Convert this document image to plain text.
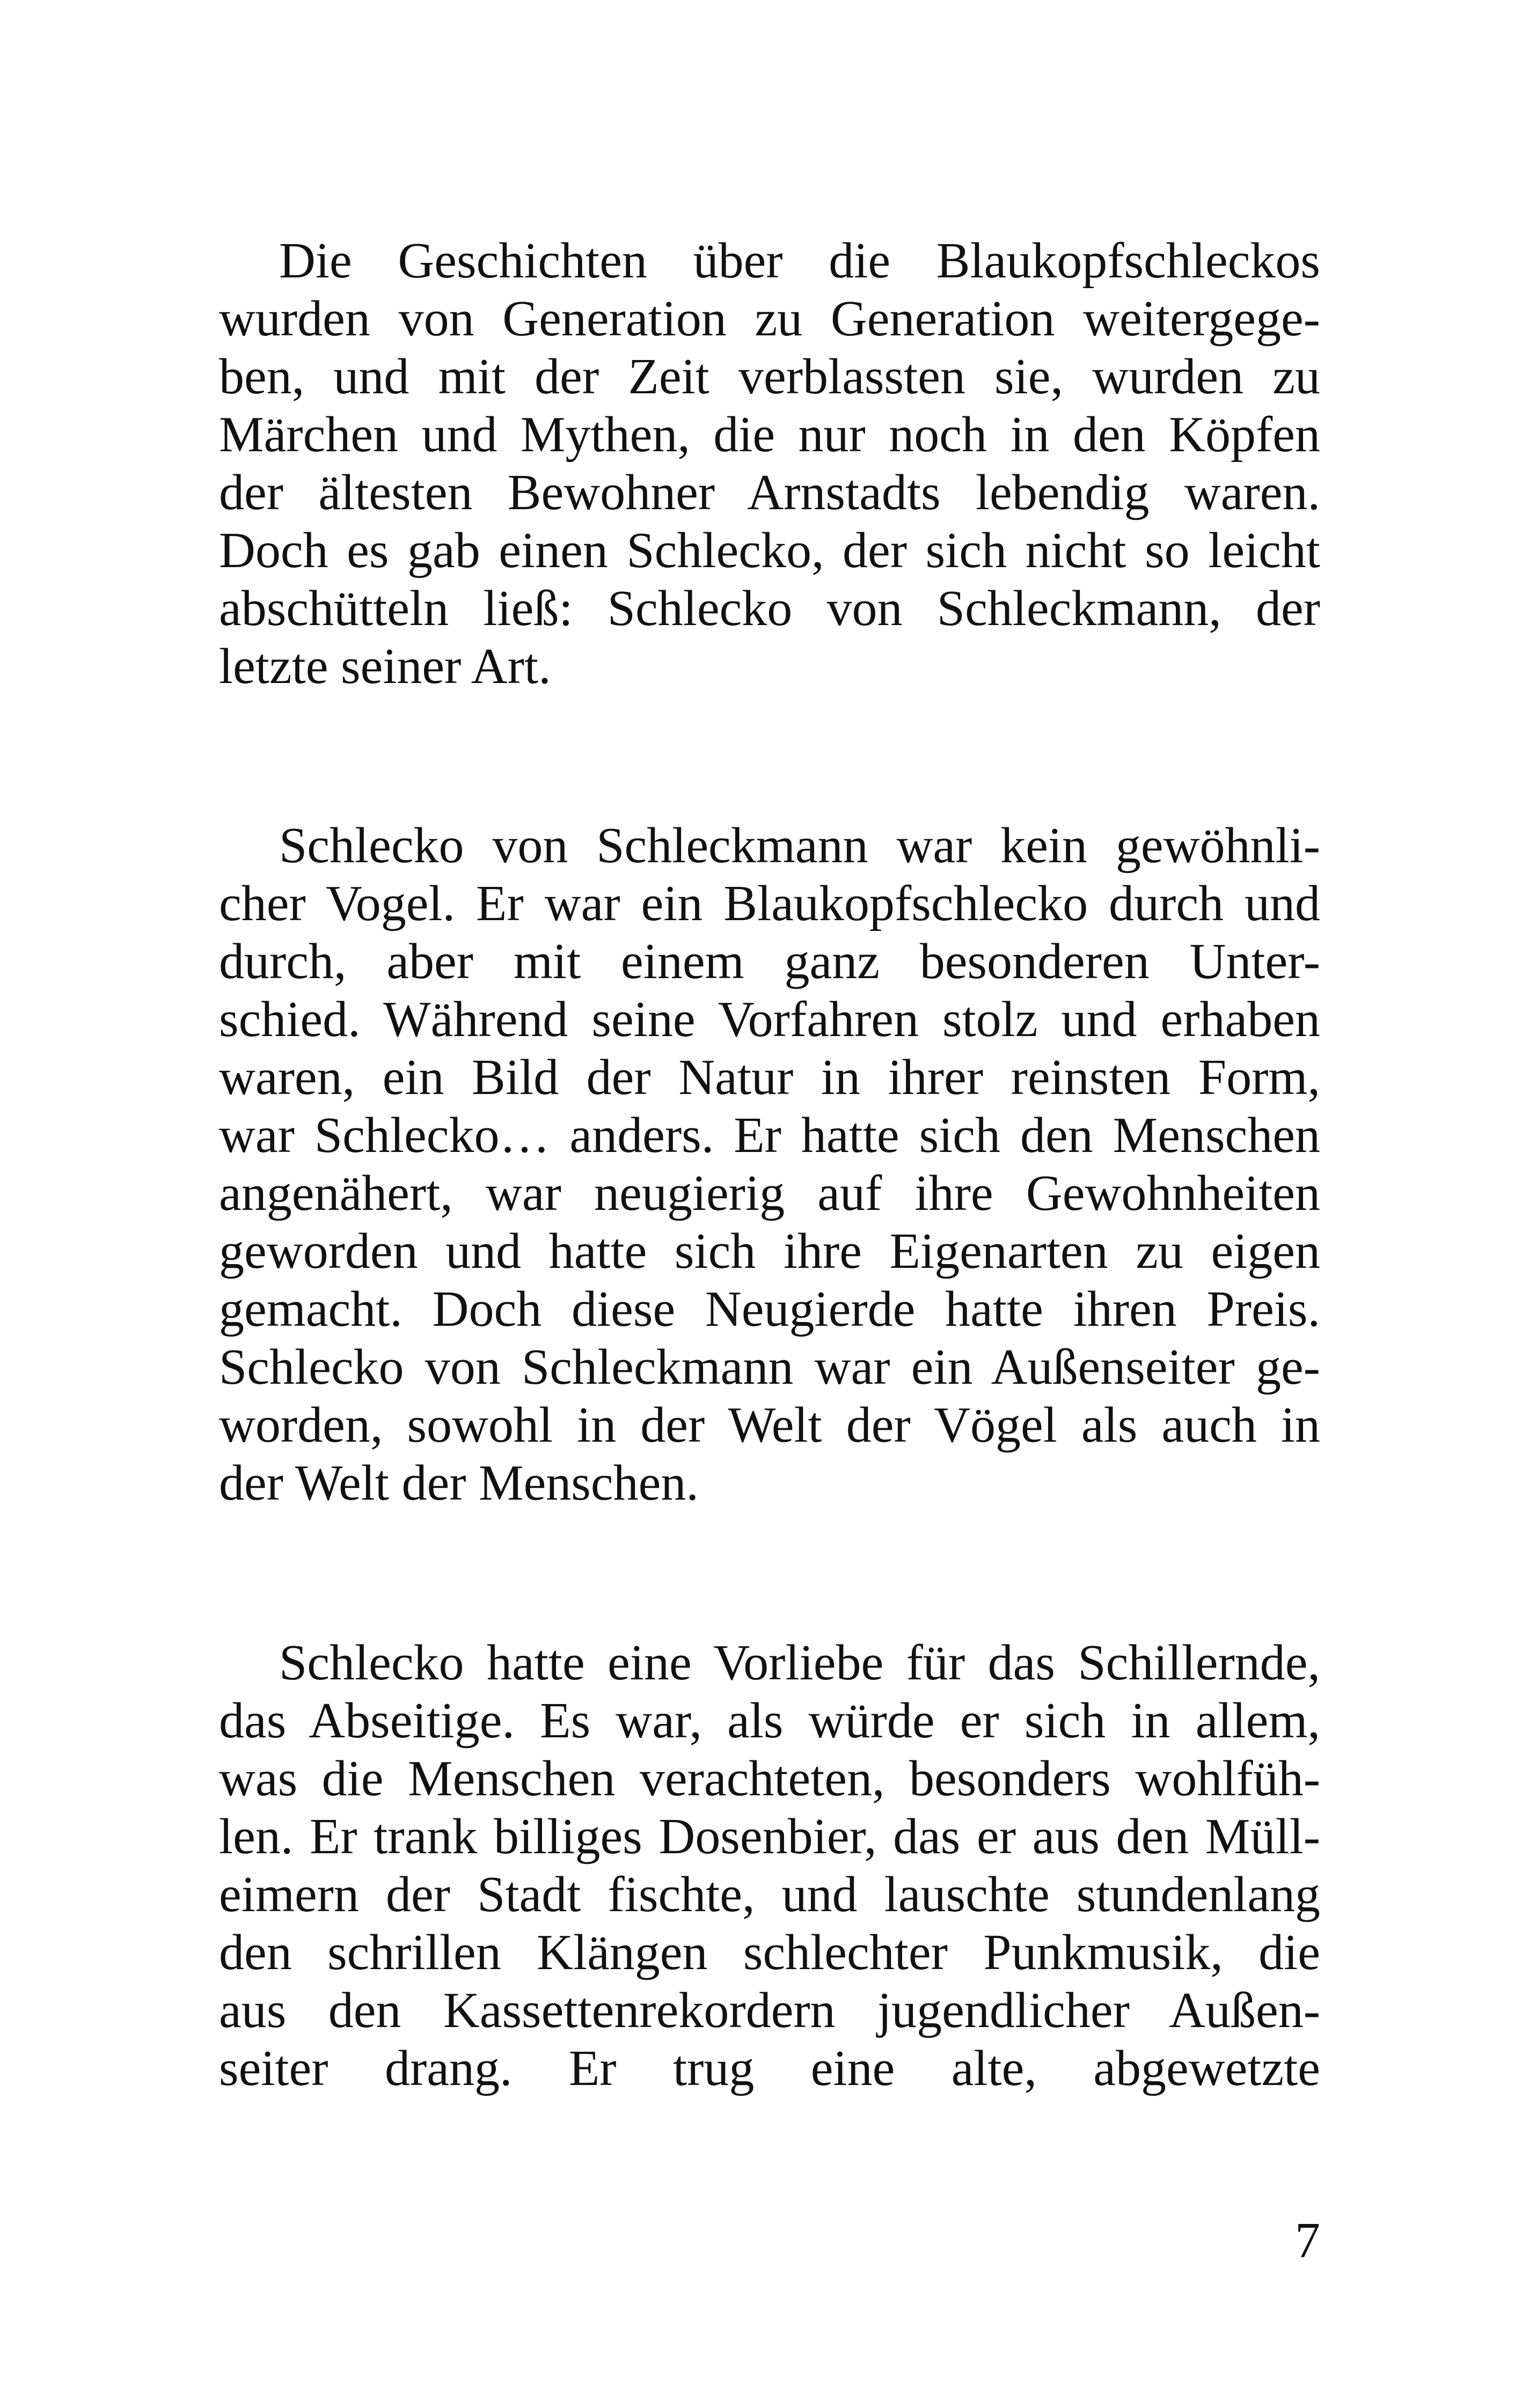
Die Geschichten über die Blaukopfschleckos
wurden von Generation zu Generation weitergege-
ben, und mit der Zeit verblassten sie, wurden zu
Märchen und Mythen, die nur noch in den Köpfen
der ältesten Bewohner Arnstadts lebendig waren.
Doch es gab einen Schlecko, der sich nicht so leicht
abschütteln ließ: Schlecko von Schleckmann, der
letzte seiner Art.
Schlecko von Schleckmann war kein gewöhnli-
cher Vogel. Er war ein Blaukopfschlecko durch und
durch, aber mit einem ganz besonderen Unter-
schied. Während seine Vorfahren stolz und erhaben
waren, ein Bild der Natur in ihrer reinsten Form,
war Schlecko… anders. Er hatte sich den Menschen
angenähert, war neugierig auf ihre Gewohnheiten
geworden und hatte sich ihre Eigenarten zu eigen
gemacht. Doch diese Neugierde hatte ihren Preis.
Schlecko von Schleckmann war ein Außenseiter ge-
worden, sowohl in der Welt der Vögel als auch in
der Welt der Menschen.
Schlecko hatte eine Vorliebe für das Schillernde,
das Abseitige. Es war, als würde er sich in allem,
was die Menschen verachteten, besonders wohlfüh-
len. Er trank billiges Dosenbier, das er aus den Müll-
eimern der Stadt fischte, und lauschte stundenlang
den schrillen Klängen schlechter Punkmusik, die
aus den Kassettenrekordern jugendlicher Außen-
seiter drang. Er trug eine alte, abgewetzte
7
